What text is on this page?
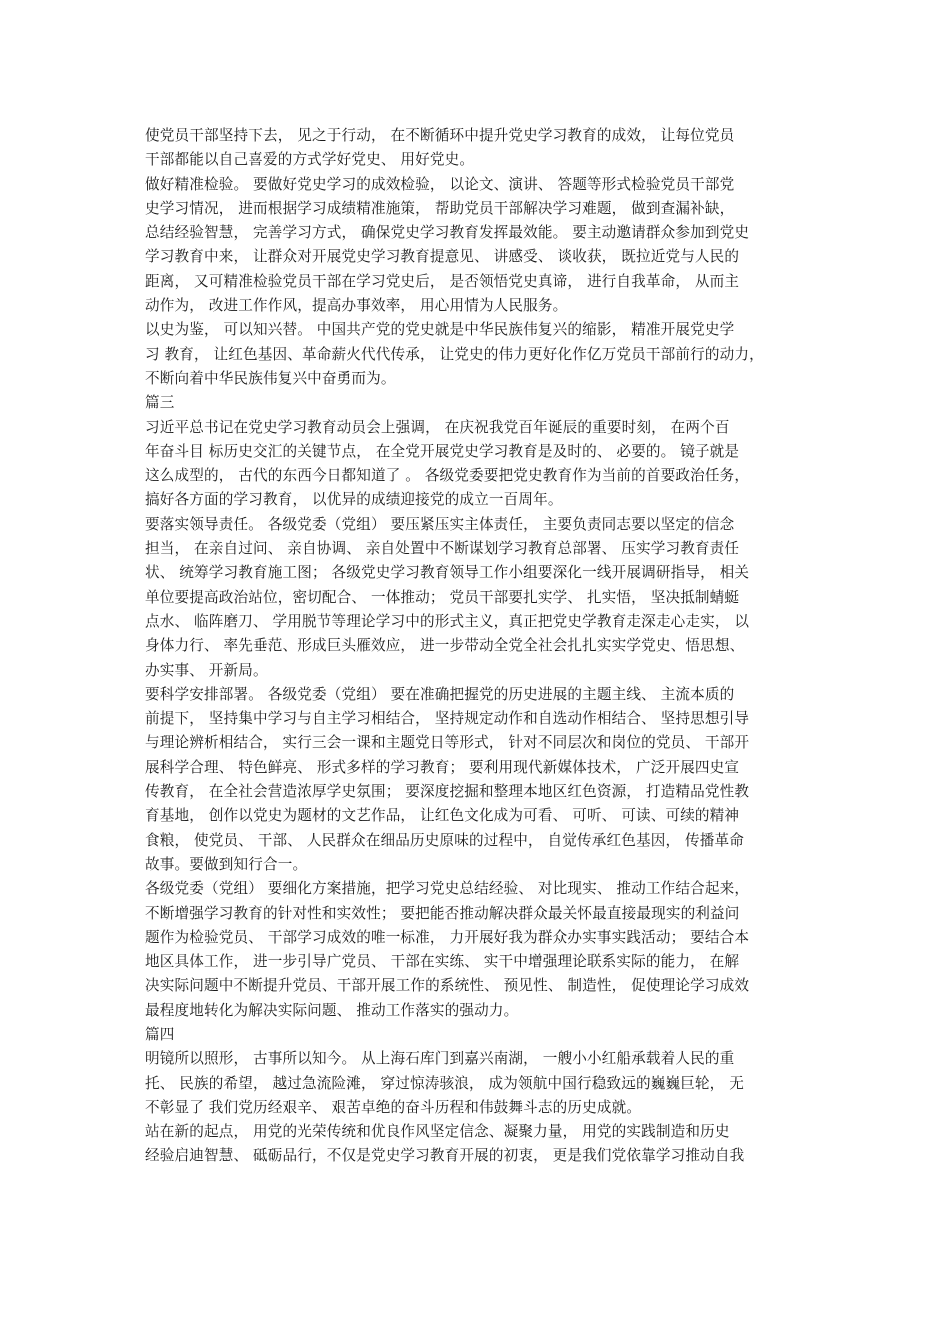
使党员干部坚持下去， 见之于行动， 在不断循环中提升党史学习教育的成效， 让每位党员
干部都能以自己喜爱的方式学好党史、 用好党史。
做好精准检验。 要做好党史学习的成效检验， 以论文、演讲、 答题等形式检验党员干部党
史学习情况， 进而根据学习成绩精准施策， 帮助党员干部解决学习难题， 做到查漏补缺，
总结经验智慧， 完善学习方式， 确保党史学习教育发挥最效能。 要主动邀请群众参加到党史
学习教育中来， 让群众对开展党史学习教育提意见、 讲感受、 谈收获， 既拉近党与人民的
距离， 又可精准检验党员干部在学习党史后， 是否领悟党史真谛， 进行自我革命， 从而主
动作为， 改进工作作风，提高办事效率， 用心用情为人民服务。
以史为鉴， 可以知兴替。 中国共产党的党史就是中华民族伟复兴的缩影， 精准开展党史学
习 教育， 让红色基因、革命薪火代代传承， 让党史的伟力更好化作亿万党员干部前行的动力，
不断向着中华民族伟复兴中奋勇而为。
篇三
习近平总书记在党史学习教育动员会上强调， 在庆祝我党百年诞辰的重要时刻， 在两个百
年奋斗目 标历史交汇的关键节点， 在全党开展党史学习教育是及时的、 必要的。 镜子就是
这么成型的， 古代的东西今日都知道了 。 各级党委要把党史教育作为当前的首要政治任务，
搞好各方面的学习教育， 以优异的成绩迎接党的成立一百周年。
要落实领导责任。 各级党委（党组） 要压紧压实主体责任， 主要负责同志要以坚定的信念
担当， 在亲自过问、 亲自协调、 亲自处置中不断谋划学习教育总部署、 压实学习教育责任
状、 统筹学习教育施工图； 各级党史学习教育领导工作小组要深化一线开展调研指导， 相关
单位要提高政治站位，密切配合、 一体推动； 党员干部要扎实学、 扎实悟， 坚决抵制蜻蜓
点水、 临阵磨刀、 学用脱节等理论学习中的形式主义，真正把党史学教育走深走心走实， 以
身体力行、 率先垂范、形成巨头雁效应， 进一步带动全党全社会扎扎实实学党史、悟思想、
办实事、 开新局。
要科学安排部署。 各级党委（党组） 要在准确把握党的历史进展的主题主线、 主流本质的
前提下， 坚持集中学习与自主学习相结合， 坚持规定动作和自选动作相结合、 坚持思想引导
与理论辨析相结合， 实行三会一课和主题党日等形式， 针对不同层次和岗位的党员、 干部开
展科学合理、 特色鲜亮、 形式多样的学习教育； 要利用现代新媒体技术， 广泛开展四史宣
传教育， 在全社会营造浓厚学史氛围； 要深度挖掘和整理本地区红色资源， 打造精品党性教
育基地， 创作以党史为题材的文艺作品， 让红色文化成为可看、 可听、 可读、可续的精神
食粮， 使党员、 干部、 人民群众在细品历史原味的过程中， 自觉传承红色基因， 传播革命
故事。要做到知行合一。
各级党委（党组） 要细化方案措施，把学习党史总结经验、 对比现实、 推动工作结合起来，
不断增强学习教育的针对性和实效性； 要把能否推动解决群众最关怀最直接最现实的利益问
题作为检验党员、 干部学习成效的唯一标准， 力开展好我为群众办实事实践活动； 要结合本
地区具体工作， 进一步引导广党员、 干部在实练、 实干中增强理论联系实际的能力， 在解
决实际问题中不断提升党员、干部开展工作的系统性、 预见性、 制造性， 促使理论学习成效
最程度地转化为解决实际问题、 推动工作落实的强动力。
篇四
明镜所以照形， 古事所以知今。 从上海石库门到嘉兴南湖， 一艘小小红船承载着人民的重
托、 民族的希望， 越过急流险滩， 穿过惊涛骇浪， 成为领航中国行稳致远的巍巍巨轮， 无
不彰显了 我们党历经艰辛、 艰苦卓绝的奋斗历程和伟鼓舞斗志的历史成就。
站在新的起点， 用党的光荣传统和优良作风坚定信念、凝聚力量， 用党的实践制造和历史
经验启迪智慧、 砥砺品行，不仅是党史学习教育开展的初衷， 更是我们党依靠学习推动自我
